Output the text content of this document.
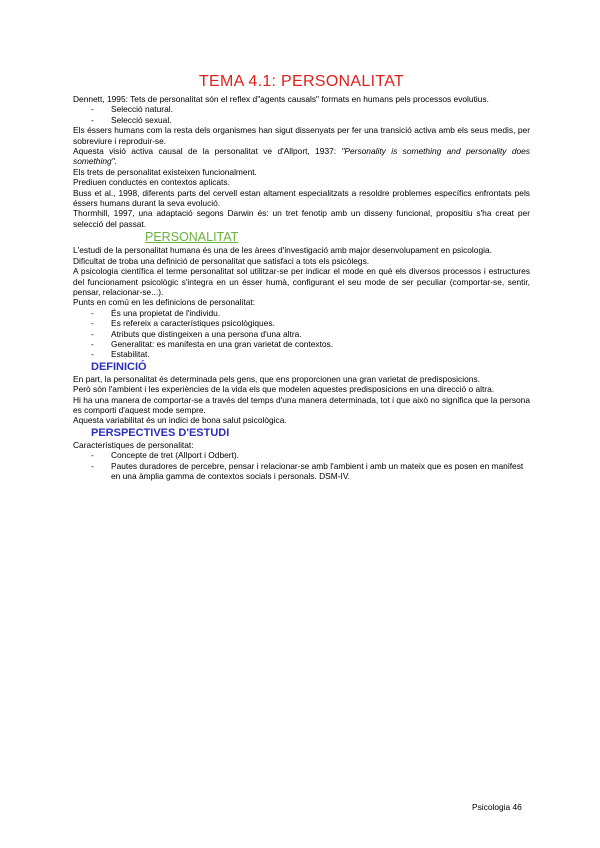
TEMA 4.1: PERSONALITAT

Dennett, 1995: Tets de personalitat són el reflex d"agents causals" formats en humans pels processos evolutius.

- Selecció natural.
- Selecció sexual.

Els éssers humans com la resta dels organismes han sigut dissenyats per fer una transició activa amb els seus medis, per sobreviure i reproduir-se.

Aquesta visió activa causal de la personalitat ve d'Allport, 1937: "Personality is something and personality does something".

Els trets de personalitat existeixen funcionalment.

Prediuen conductes en contextos aplicats.

Buss et al., 1998, diferents parts del cervell estan altament especialitzats a resoldre problemes específics enfrontats pels éssers humans durant la seva evolució.

Thormhill, 1997, una adaptació segons Darwin és: un tret fenotip amb un disseny funcional, propositiu s'ha creat per selecció del passat.

PERSONALITAT

L'estudi de la personalitat humana és una de les àrees d'investigació amb major desenvolupament en psicologia.

Dificultat de troba una definició de personalitat que satisfaci a tots els psicòlegs.

A psicologia científica el terme personalitat sol utilitzar-se per indicar el mode en què els diversos processos i estructures del funcionament psicològic s'integra en un ésser humà, configurant el seu mode de ser peculiar (comportar-se, sentir, pensar, relacionar-se...).

Punts en comú en les definicions de personalitat:

- És una propietat de l'individu.
- Es refereix a característiques psicològiques.
- Atributs que distingeixen a una persona d'una altra.
- Generalitat: es manifesta en una gran varietat de contextos.
- Estabilitat.
DEFINICIÓ

En part, la personalitat és determinada pels gens, que ens proporcionen una gran varietat de predisposicions.

Però són l'ambient i les experiències de la vida els que modelen aquestes predisposicions en una direcció o altra.

Hi ha una manera de comportar-se a través del temps d'una manera determinada, tot i que això no significa que la persona es comporti d'aquest mode sempre.

Aquesta variabilitat és un indici de bona salut psicològica.

PERSPECTIVES D'ESTUDI

Característiques de personalitat:

- Concepte de tret (Allport i Odbert).
- Pautes duradores de percebre, pensar i relacionar-se amb l'ambient i amb un mateix que es posen en manifest en una àmplia gamma de contextos socials i personals. DSM-IV.
Psicologia 46
